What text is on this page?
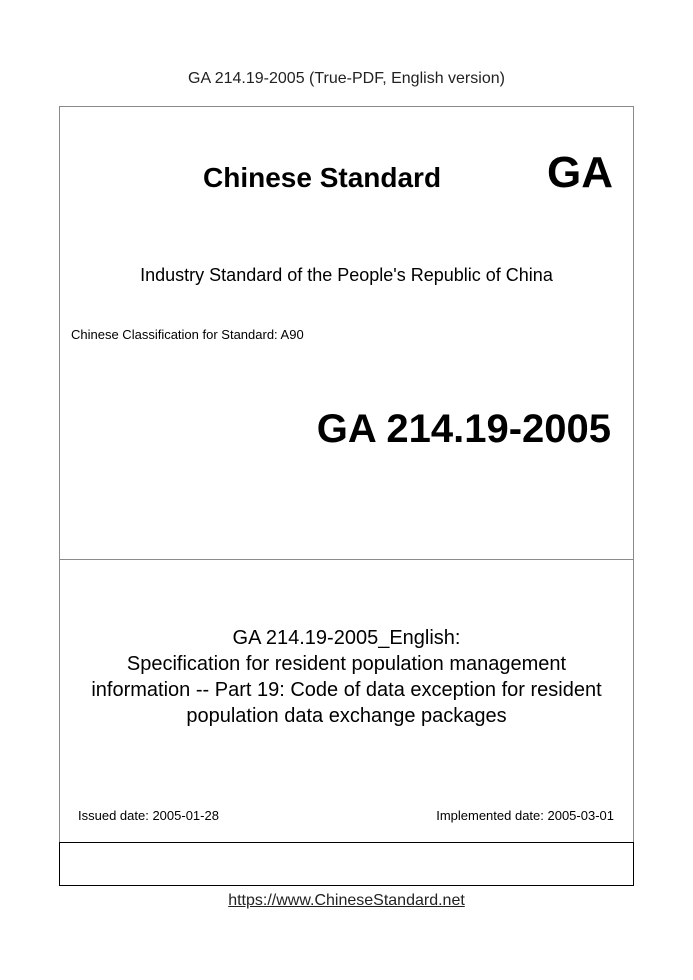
GA 214.19-2005 (True-PDF, English version)
Chinese Standard GA
Industry Standard of the People's Republic of China
Chinese Classification for Standard: A90
GA 214.19-2005
GA 214.19-2005_English:
Specification for resident population management
information -- Part 19: Code of data exception for resident
population data exchange packages
Issued date: 2005-01-28	Implemented date: 2005-03-01
https://www.ChineseStandard.net
